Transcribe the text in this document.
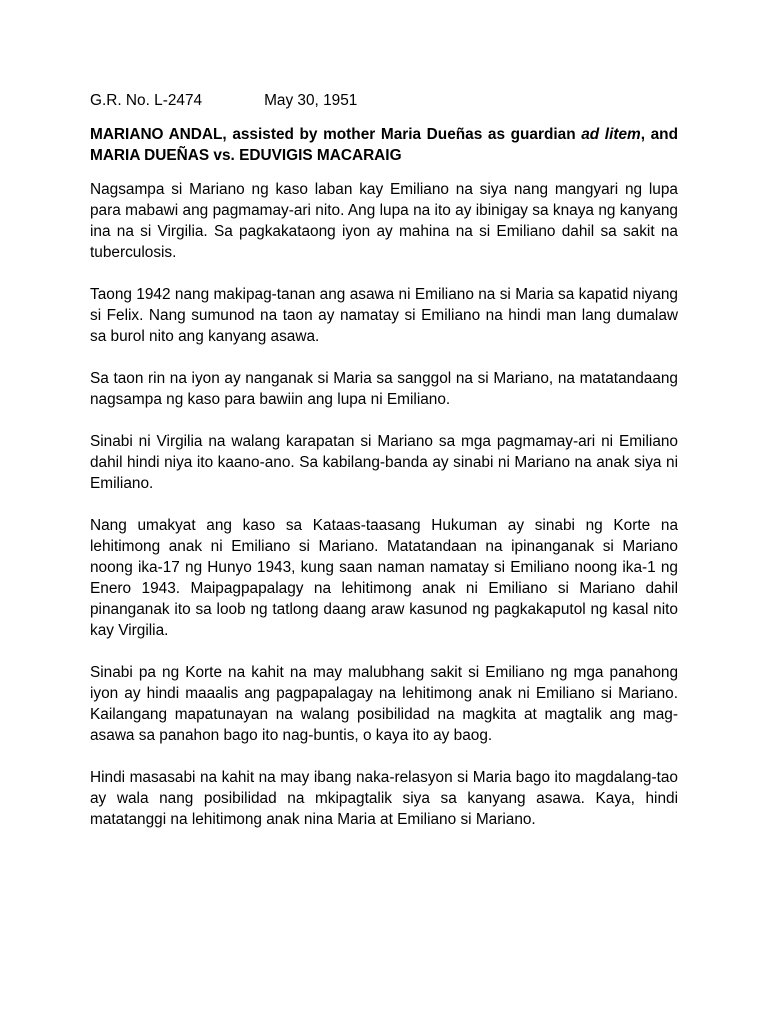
G.R. No. L-2474	May 30, 1951
MARIANO ANDAL, assisted by mother Maria Dueñas as guardian ad litem, and MARIA DUEÑAS vs. EDUVIGIS MACARAIG

Nagsampa si Mariano ng kaso laban kay Emiliano na siya nang mangyari ng lupa para mabawi ang pagmamay-ari nito. Ang lupa na ito ay ibinigay sa knaya ng kanyang ina na si Virgilia. Sa pagkakataong iyon ay mahina na si Emiliano dahil sa sakit na tuberculosis.

Taong 1942 nang makipag-tanan ang asawa ni Emiliano na si Maria sa kapatid niyang si Felix. Nang sumunod na taon ay namatay si Emiliano na hindi man lang dumalaw sa burol nito ang kanyang asawa.

Sa taon rin na iyon ay nanganak si Maria sa sanggol na si Mariano, na matatandaang nagsampa ng kaso para bawiin ang lupa ni Emiliano.

Sinabi ni Virgilia na walang karapatan si Mariano sa mga pagmamay-ari ni Emiliano dahil hindi niya ito kaano-ano. Sa kabilang-banda ay sinabi ni Mariano na anak siya ni Emiliano.

Nang umakyat ang kaso sa Kataas-taasang Hukuman ay sinabi ng Korte na lehitimong anak ni Emiliano si Mariano. Matatandaan na ipinanganak si Mariano noong ika-17 ng Hunyo 1943, kung saan naman namatay si Emiliano noong ika-1 ng Enero 1943. Maipagpapalagy na lehitimong anak ni Emiliano si Mariano dahil pinanganak ito sa loob ng tatlong daang araw kasunod ng pagkakaputol ng kasal nito kay Virgilia.

Sinabi pa ng Korte na kahit na may malubhang sakit si Emiliano ng mga panahong iyon ay hindi maaalis ang pagpapalagay na lehitimong anak ni Emiliano si Mariano. Kailangang mapatunayan na walang posibilidad na magkita at magtalik ang mag-asawa sa panahon bago ito nag-buntis, o kaya ito ay baog.

Hindi masasabi na kahit na may ibang naka-relasyon si Maria bago ito magdalang-tao ay wala nang posibilidad na mkipagtalik siya sa kanyang asawa. Kaya, hindi matatanggi na lehitimong anak nina Maria at Emiliano si Mariano.
